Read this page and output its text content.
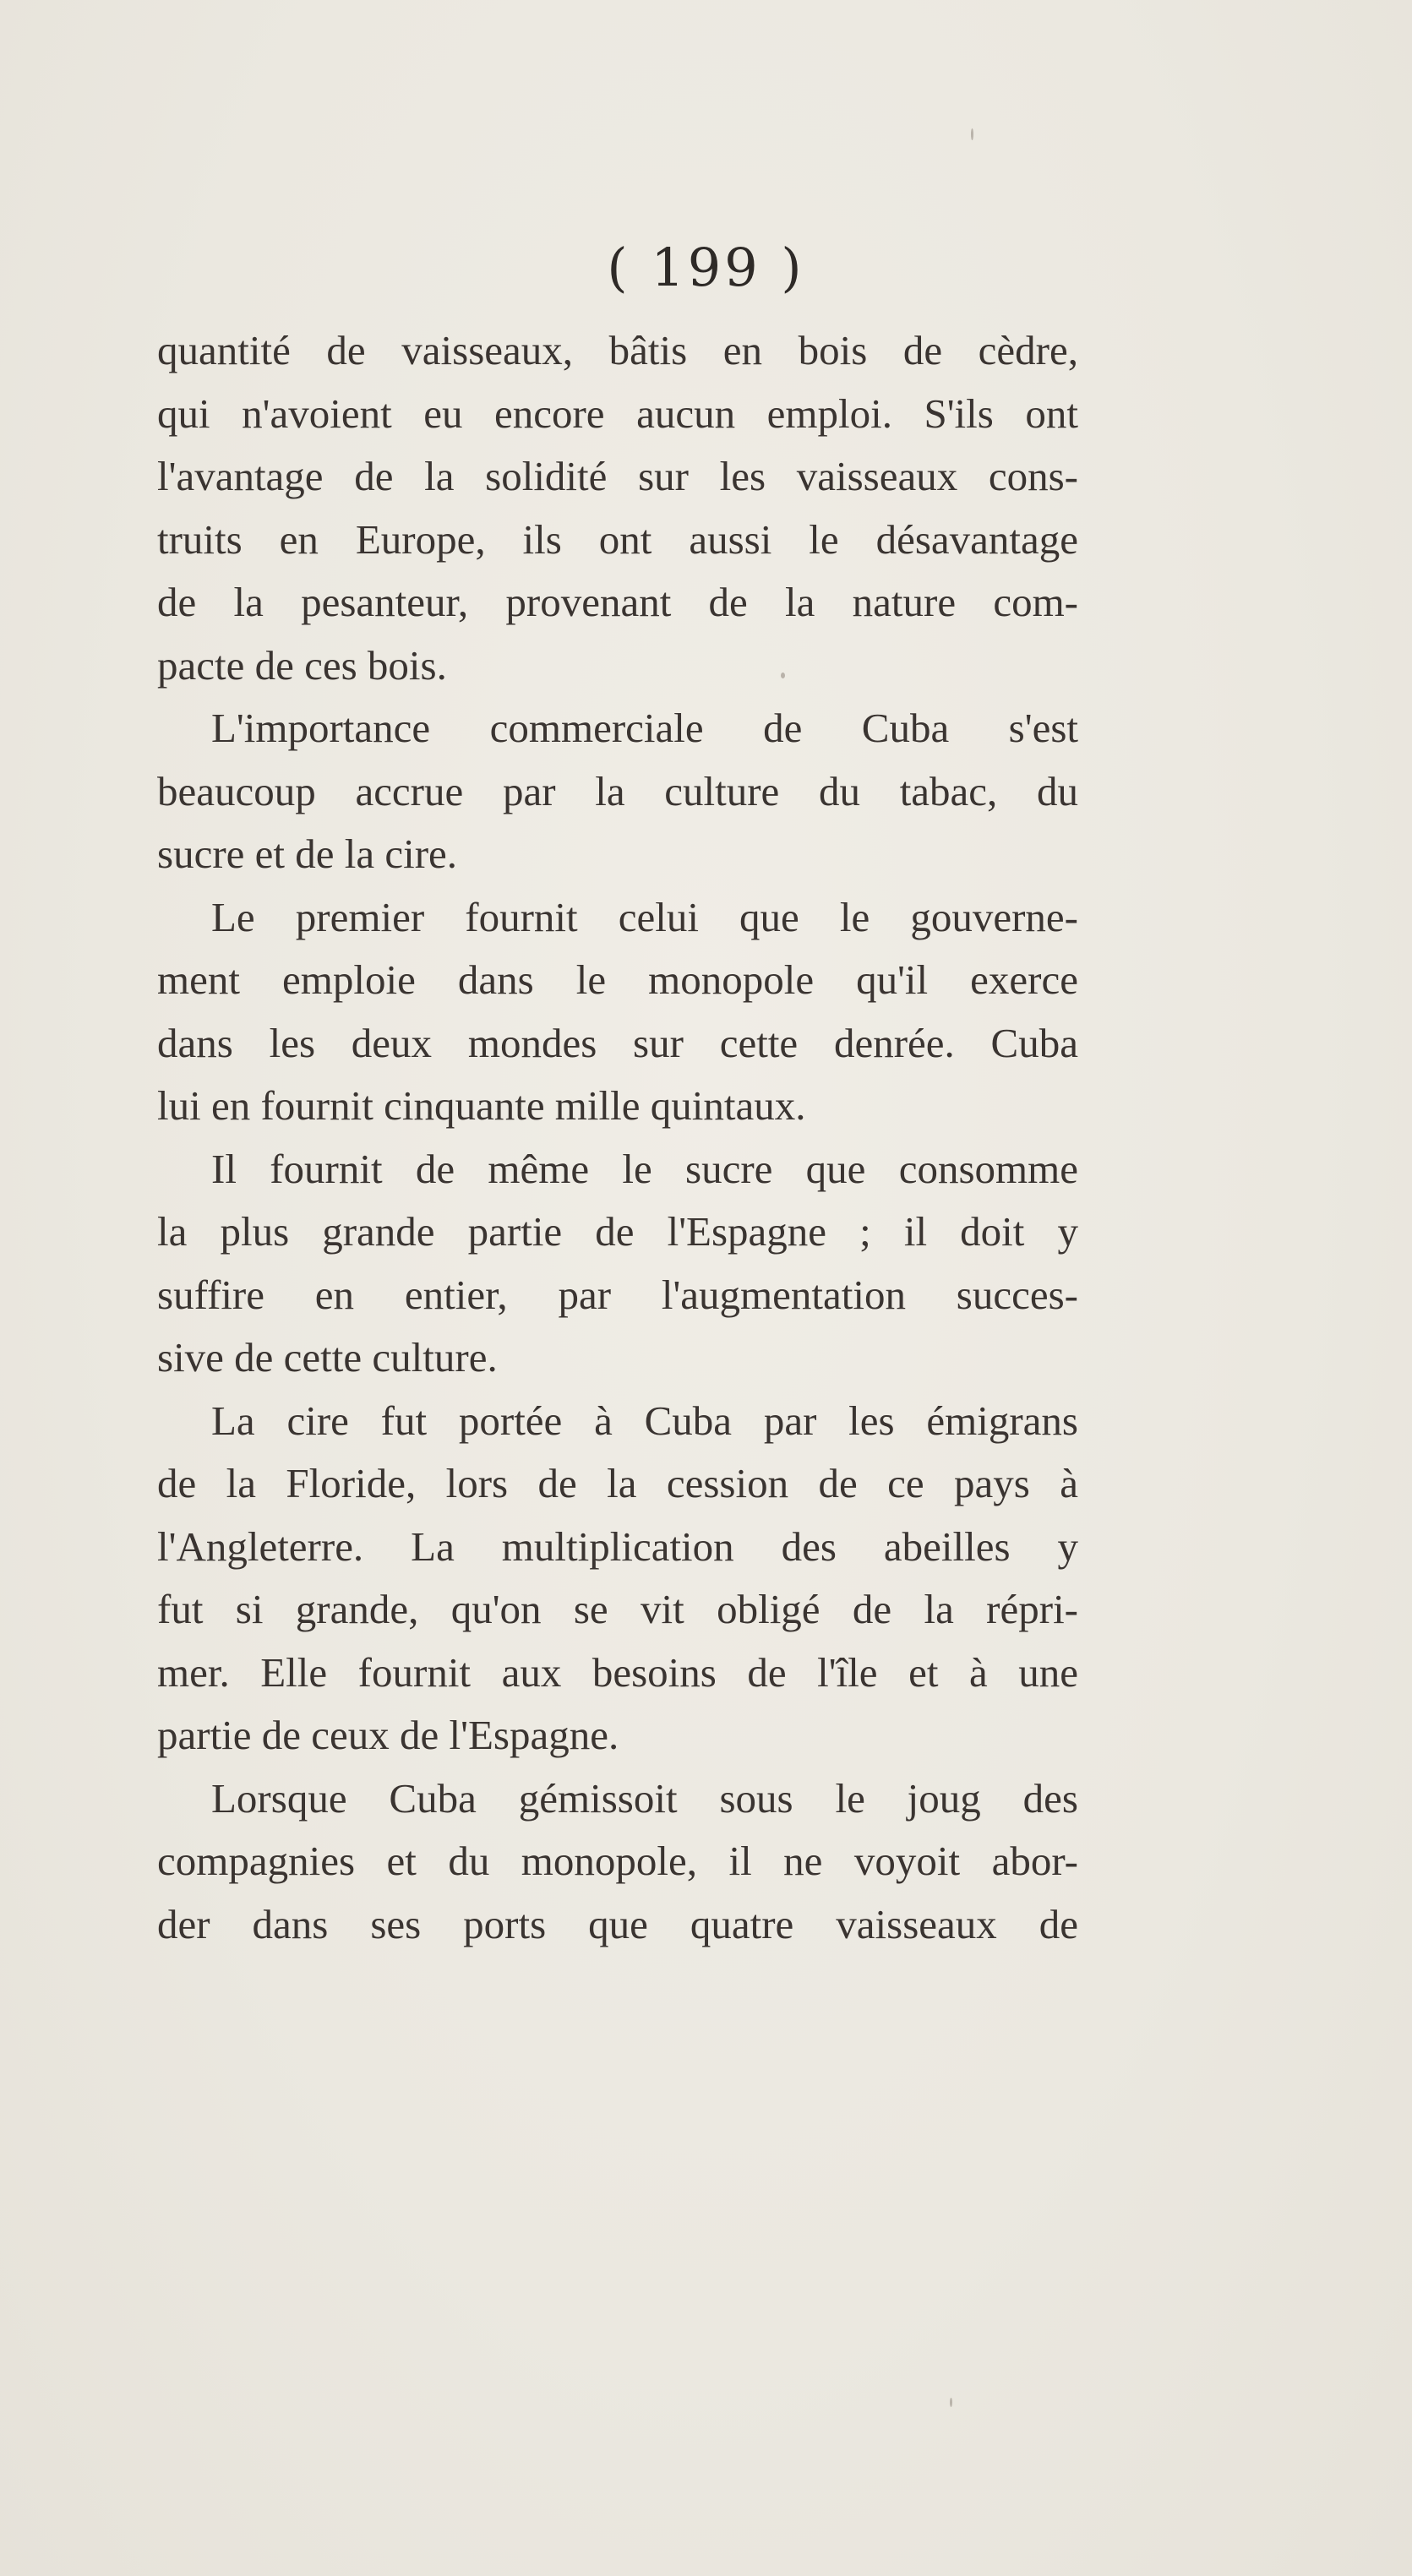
( 199 )
quantité de vaisseaux, bâtis en bois de cèdre,
qui n'avoient eu encore aucun emploi. S'ils ont
l'avantage de la solidité sur les vaisseaux cons-
truits en Europe, ils ont aussi le désavantage
de la pesanteur, provenant de la nature com-
pacte de ces bois.
L'importance commerciale de Cuba s'est
beaucoup accrue par la culture du tabac, du
sucre et de la cire.
Le premier fournit celui que le gouverne-
ment emploie dans le monopole qu'il exerce
dans les deux mondes sur cette denrée. Cuba
lui en fournit cinquante mille quintaux.
Il fournit de même le sucre que consomme
la plus grande partie de l'Espagne ; il doit y
suffire en entier, par l'augmentation succes-
sive de cette culture.
La cire fut portée à Cuba par les émigrans
de la Floride, lors de la cession de ce pays à
l'Angleterre. La multiplication des abeilles y
fut si grande, qu'on se vit obligé de la répri-
mer. Elle fournit aux besoins de l'île et à une
partie de ceux de l'Espagne.
Lorsque Cuba gémissoit sous le joug des
compagnies et du monopole, il ne voyoit abor-
der dans ses ports que quatre vaisseaux de
